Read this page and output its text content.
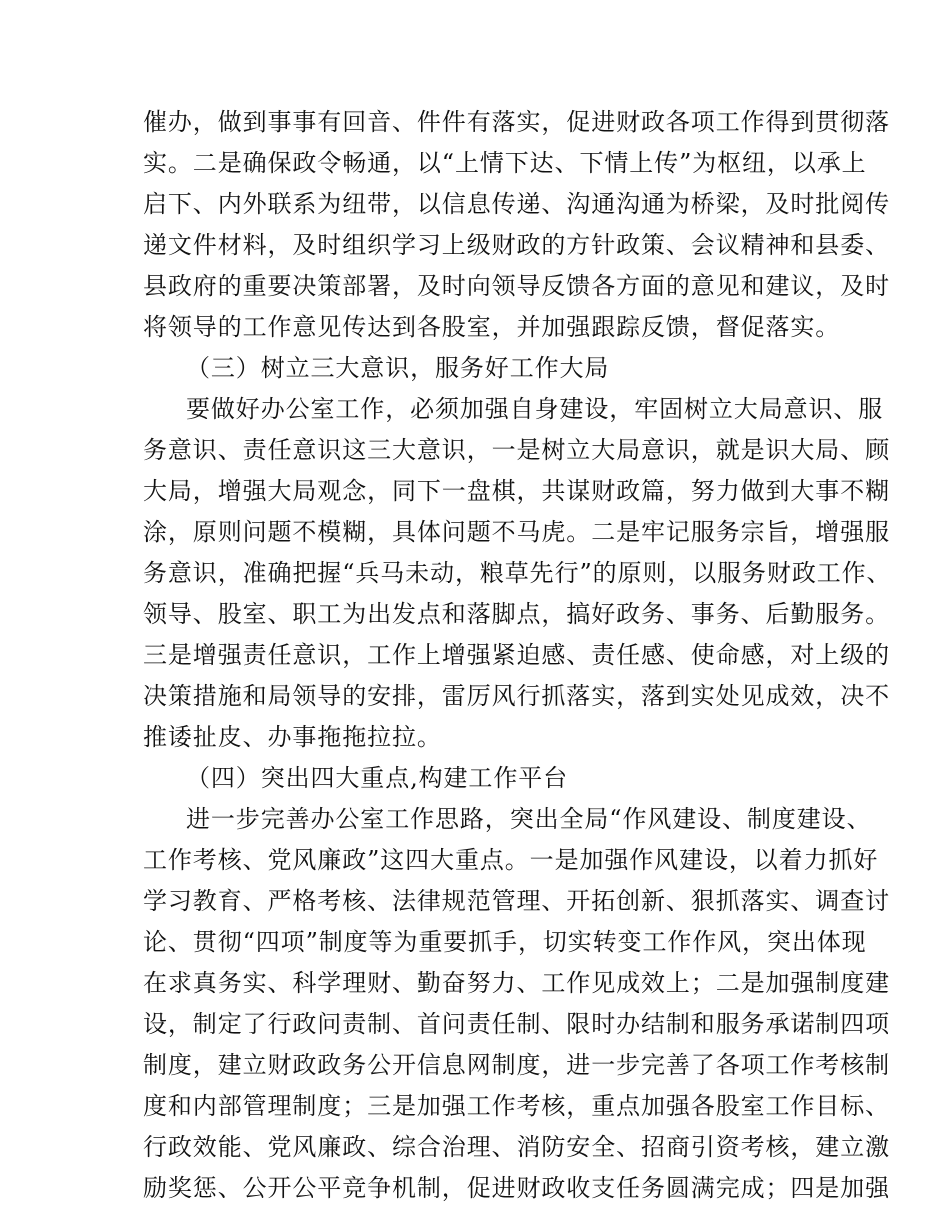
催办，做到事事有回音、件件有落实，促进财政各项工作得到贯彻落
实。二是确保政令畅通，以“上情下达、下情上传”为枢纽，以承上
启下、内外联系为纽带，以信息传递、沟通沟通为桥梁，及时批阅传
递文件材料，及时组织学习上级财政的方针政策、会议精神和县委、
县政府的重要决策部署，及时向领导反馈各方面的意见和建议，及时
将领导的工作意见传达到各股室，并加强跟踪反馈，督促落实。
（三）树立三大意识，服务好工作大局
要做好办公室工作，必须加强自身建设，牢固树立大局意识、服
务意识、责任意识这三大意识，一是树立大局意识，就是识大局、顾
大局，增强大局观念，同下一盘棋，共谋财政篇，努力做到大事不糊
涂，原则问题不模糊，具体问题不马虎。二是牢记服务宗旨，增强服
务意识，准确把握“兵马未动，粮草先行”的原则，以服务财政工作、
领导、股室、职工为出发点和落脚点，搞好政务、事务、后勤服务。
三是增强责任意识，工作上增强紧迫感、责任感、使命感，对上级的
决策措施和局领导的安排，雷厉风行抓落实，落到实处见成效，决不
推诿扯皮、办事拖拖拉拉。
（四）突出四大重点,构建工作平台
进一步完善办公室工作思路，突出全局“作风建设、制度建设、
工作考核、党风廉政”这四大重点。一是加强作风建设，以着力抓好
学习教育、严格考核、法律规范管理、开拓创新、狠抓落实、调查讨
论、贯彻“四项”制度等为重要抓手，切实转变工作作风，突出体现
在求真务实、科学理财、勤奋努力、工作见成效上；二是加强制度建
设，制定了行政问责制、首问责任制、限时办结制和服务承诺制四项
制度，建立财政政务公开信息网制度，进一步完善了各项工作考核制
度和内部管理制度；三是加强工作考核，重点加强各股室工作目标、
行政效能、党风廉政、综合治理、消防安全、招商引资考核，建立激
励奖惩、公开公平竞争机制，促进财政收支任务圆满完成；四是加强
